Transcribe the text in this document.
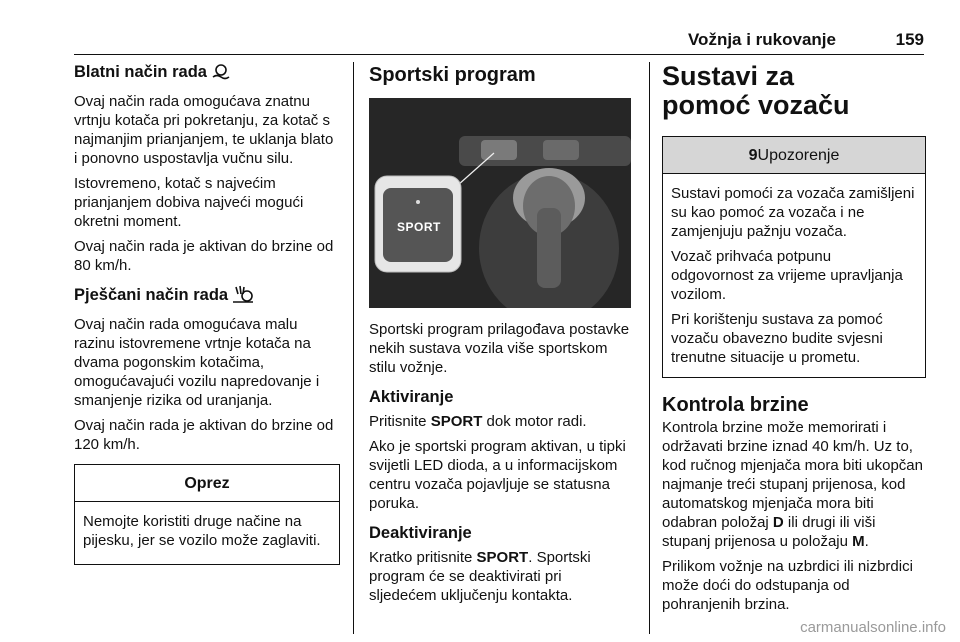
Vožnja i rukovanje	159
Blatni način rada

Ovaj način rada omogućava znatnu vrtnju kotača pri pokretanju, za kotač s najmanjim prianjanjem, te uklanja blato i ponovno uspostavlja vučnu silu.

Istovremeno, kotač s najvećim prianjanjem dobiva najveći mogući okretni moment.

Ovaj način rada je aktivan do brzine od 80 km/h.

Pješčani način rada

Ovaj način rada omogućava malu razinu istovremene vrtnje kotača na dvama pogonskim kotačima, omogućavajući vozilu napredovanje i smanjenje rizika od uranjanja.

Ovaj način rada je aktivan do brzine od 120 km/h.

Oprez

Nemojte koristiti druge načine na pijesku, jer se vozilo može zaglaviti.

Sportski program
SPORT

Sportski program prilagođava postavke nekih sustava vozila više sportskom stilu vožnje.

Aktiviranje

Pritisnite SPORT dok motor radi.

Ako je sportski program aktivan, u tipki svijetli LED dioda, a u informacijskom centru vozača pojavljuje se statusna poruka.

Deaktiviranje

Kratko pritisnite SPORT. Sportski program će se deaktivirati pri sljedećem uključenju kontakta.

Sustavi za pomoć vozaču
9Upozorenje

Sustavi pomoći za vozača zamišljeni su kao pomoć za vozača i ne zamjenjuju pažnju vozača.

Vozač prihvaća potpunu odgovornost za vrijeme upravljanja vozilom.

Pri korištenju sustava za pomoć vozaču obavezno budite svjesni trenutne situacije u prometu.

Kontrola brzine

Kontrola brzine može memorirati i održavati brzine iznad 40 km/h. Uz to, kod ručnog mjenjača mora biti ukopčan najmanje treći stupanj prijenosa, kod automatskog mjenjača mora biti odabran položaj D ili drugi ili viši stupanj prijenosa u položaju M.

Prilikom vožnje na uzbrdici ili nizbrdici može doći do odstupanja od pohranjenih brzina.

carmanualsonline.info
